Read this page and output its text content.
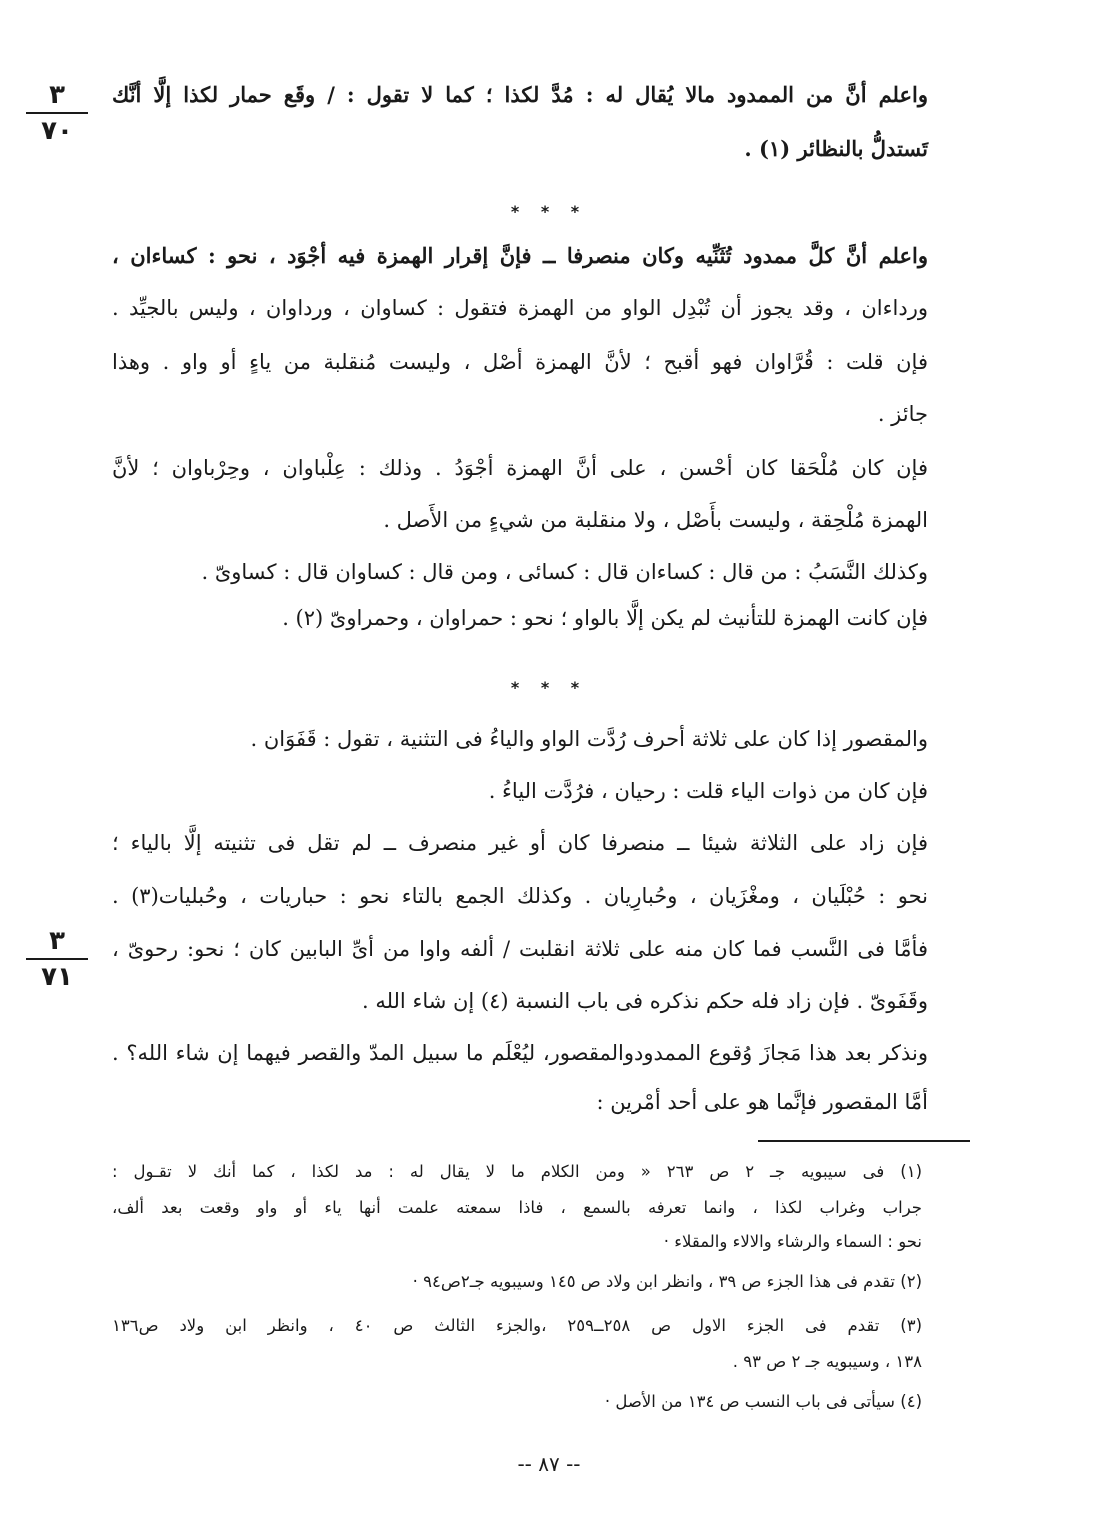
٣
٧٠
٣
٧١
واعلم أنَّ من الممدود مالا يُقال له : مُدَّ لكذا ؛ كما لا تقول : / وقَع حمار لكذا إلَّا أنَّك
تَستدلُّ بالنظائر (١) .
* * *
واعلم أنَّ كلَّ ممدود تُثَنِّيه وكان منصرفا ــ فإنَّ إقرار الهمزة فيه أجْوَد ، نحو : كساءان ،
ورداءان ، وقد يجوز أن تُبْدِل الواو من الهمزة فتقول : كساوان ، ورداوان ، وليس بالجيِّد .
فإن قلت : قُرَّاوان فهو أقبح ؛ لأنَّ الهمزة أصْل ، وليست مُنقلبة من ياءٍ أو واو . وهذا
جائز .
فإن كان مُلْحَقا كان أحْسن ، على أنَّ الهمزة أجْوَدُ . وذلك : عِلْباوان ، وحِرْباوان ؛ لأنَّ
الهمزة مُلْحِقة ، وليست بأَصْل ، ولا منقلبة من شيءٍ من الأَصل .
وكذلك النَّسَبُ : من قال : كساءان قال : كسائى ، ومن قال : كساوان قال : كساوىّ .
فإن كانت الهمزة للتأنيث لم يكن إلَّا بالواو ؛ نحو : حمراوان ، وحمراوىّ (٢) .
* * *
والمقصور إذا كان على ثلاثة أحرف رُدَّت الواو والياءُ فى التثنية ، تقول : قَفَوَان .
فإن كان من ذوات الياء قلت : رحيان ، فرُدَّت الياءُ .
فإن زاد على الثلاثة شيئا ــ منصرفا كان أو غير منصرف ــ لم تقل فى تثنيته إلَّا بالياء ؛
نحو : حُبْلَيان ، ومغْزَيان ، وحُبارِيان . وكذلك الجمع بالتاء نحو : حباريات ، وحُبليات(٣) .
فأمَّا فى النَّسب فما كان منه على ثلاثة انقلبت / ألفه واوا من أىِّ البابين كان ؛ نحو: رحوىّ ،
وقَفَوىّ . فإن زاد فله حكم نذكره فى باب النسبة (٤) إن شاء الله .
ونذكر بعد هذا مَجازَ وُقوع الممدودوالمقصور، ليُعْلَم ما سبيل المدّ والقصر فيهما إن شاء الله؟ .
أمَّا المقصور فإنَّما هو على أحد أمْرين :
(١) فى سيبويه جـ ٢ ص ٢٦٣ « ومن الكلام ما لا يقال له : مد لكذا ، كما أنك لا تقـول :
جراب وغراب لكذا ، وانما تعرفه بالسمع ، فاذا سمعته علمت أنها ياء أو واو وقعت بعد ألف،
نحو : السماء والرشاء والالاء والمقلاء ·
(٢) تقدم فى هذا الجزء ص ٣٩ ، وانظر ابن ولاد ص ١٤٥ وسيبويه جـ٢ص٩٤ ·
(٣) تقدم فى الجزء الاول ص ٢٥٨ــ٢٥٩ ،والجزء الثالث ص ٤٠ ، وانظر ابن ولاد ص١٣٦
١٣٨ ، وسيبويه جـ ٢ ص ٩٣ .
(٤) سيأتى فى باب النسب ص ١٣٤ من الأصل ·
-- ٨٧ --
